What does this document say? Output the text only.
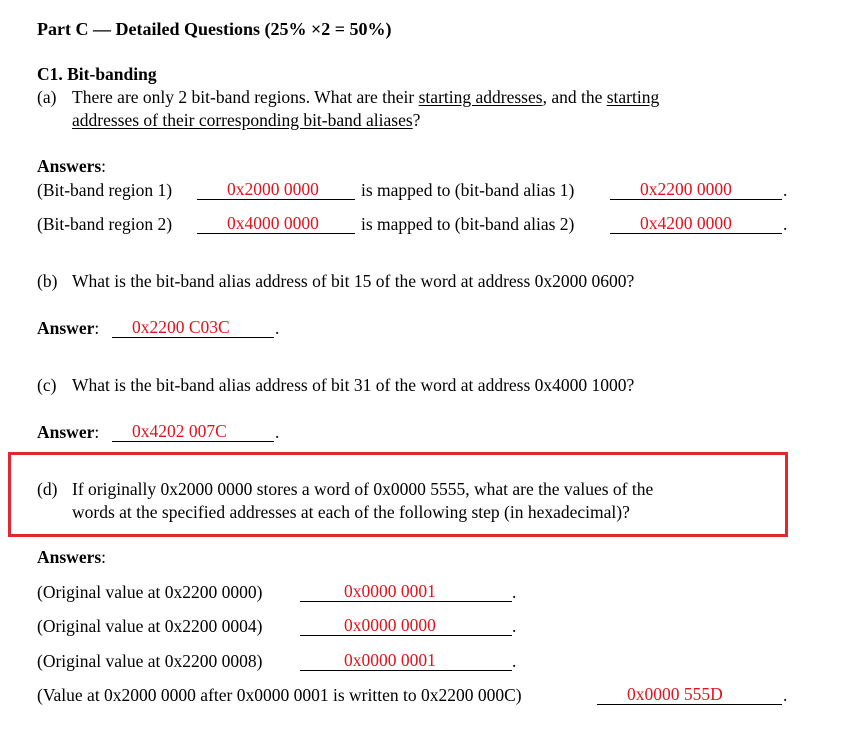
Part C — Detailed Questions (25% ×2 = 50%)
C1. Bit-banding
(a) There are only 2 bit-band regions. What are their starting addresses, and the starting
addresses of their corresponding bit-band aliases?
Answers:
(Bit-band region 1)	0x2000 0000	is mapped to (bit-band alias 1)	0x2200 0000	.
(Bit-band region 2)	0x4000 0000	is mapped to (bit-band alias 2)	0x4200 0000	.
(b) What is the bit-band alias address of bit 15 of the word at address 0x2000 0600?
Answer:	0x2200 C03C	.
(c) What is the bit-band alias address of bit 31 of the word at address 0x4000 1000?
Answer:	0x4202 007C	.
(d) If originally 0x2000 0000 stores a word of 0x0000 5555, what are the values of the
words at the specified addresses at each of the following step (in hexadecimal)?
Answers:
(Original value at 0x2200 0000)	0x0000 0001	.
(Original value at 0x2200 0004)	0x0000 0000	.
(Original value at 0x2200 0008)	0x0000 0001	.
(Value at 0x2000 0000 after 0x0000 0001 is written to 0x2200 000C)	0x0000 555D	.
